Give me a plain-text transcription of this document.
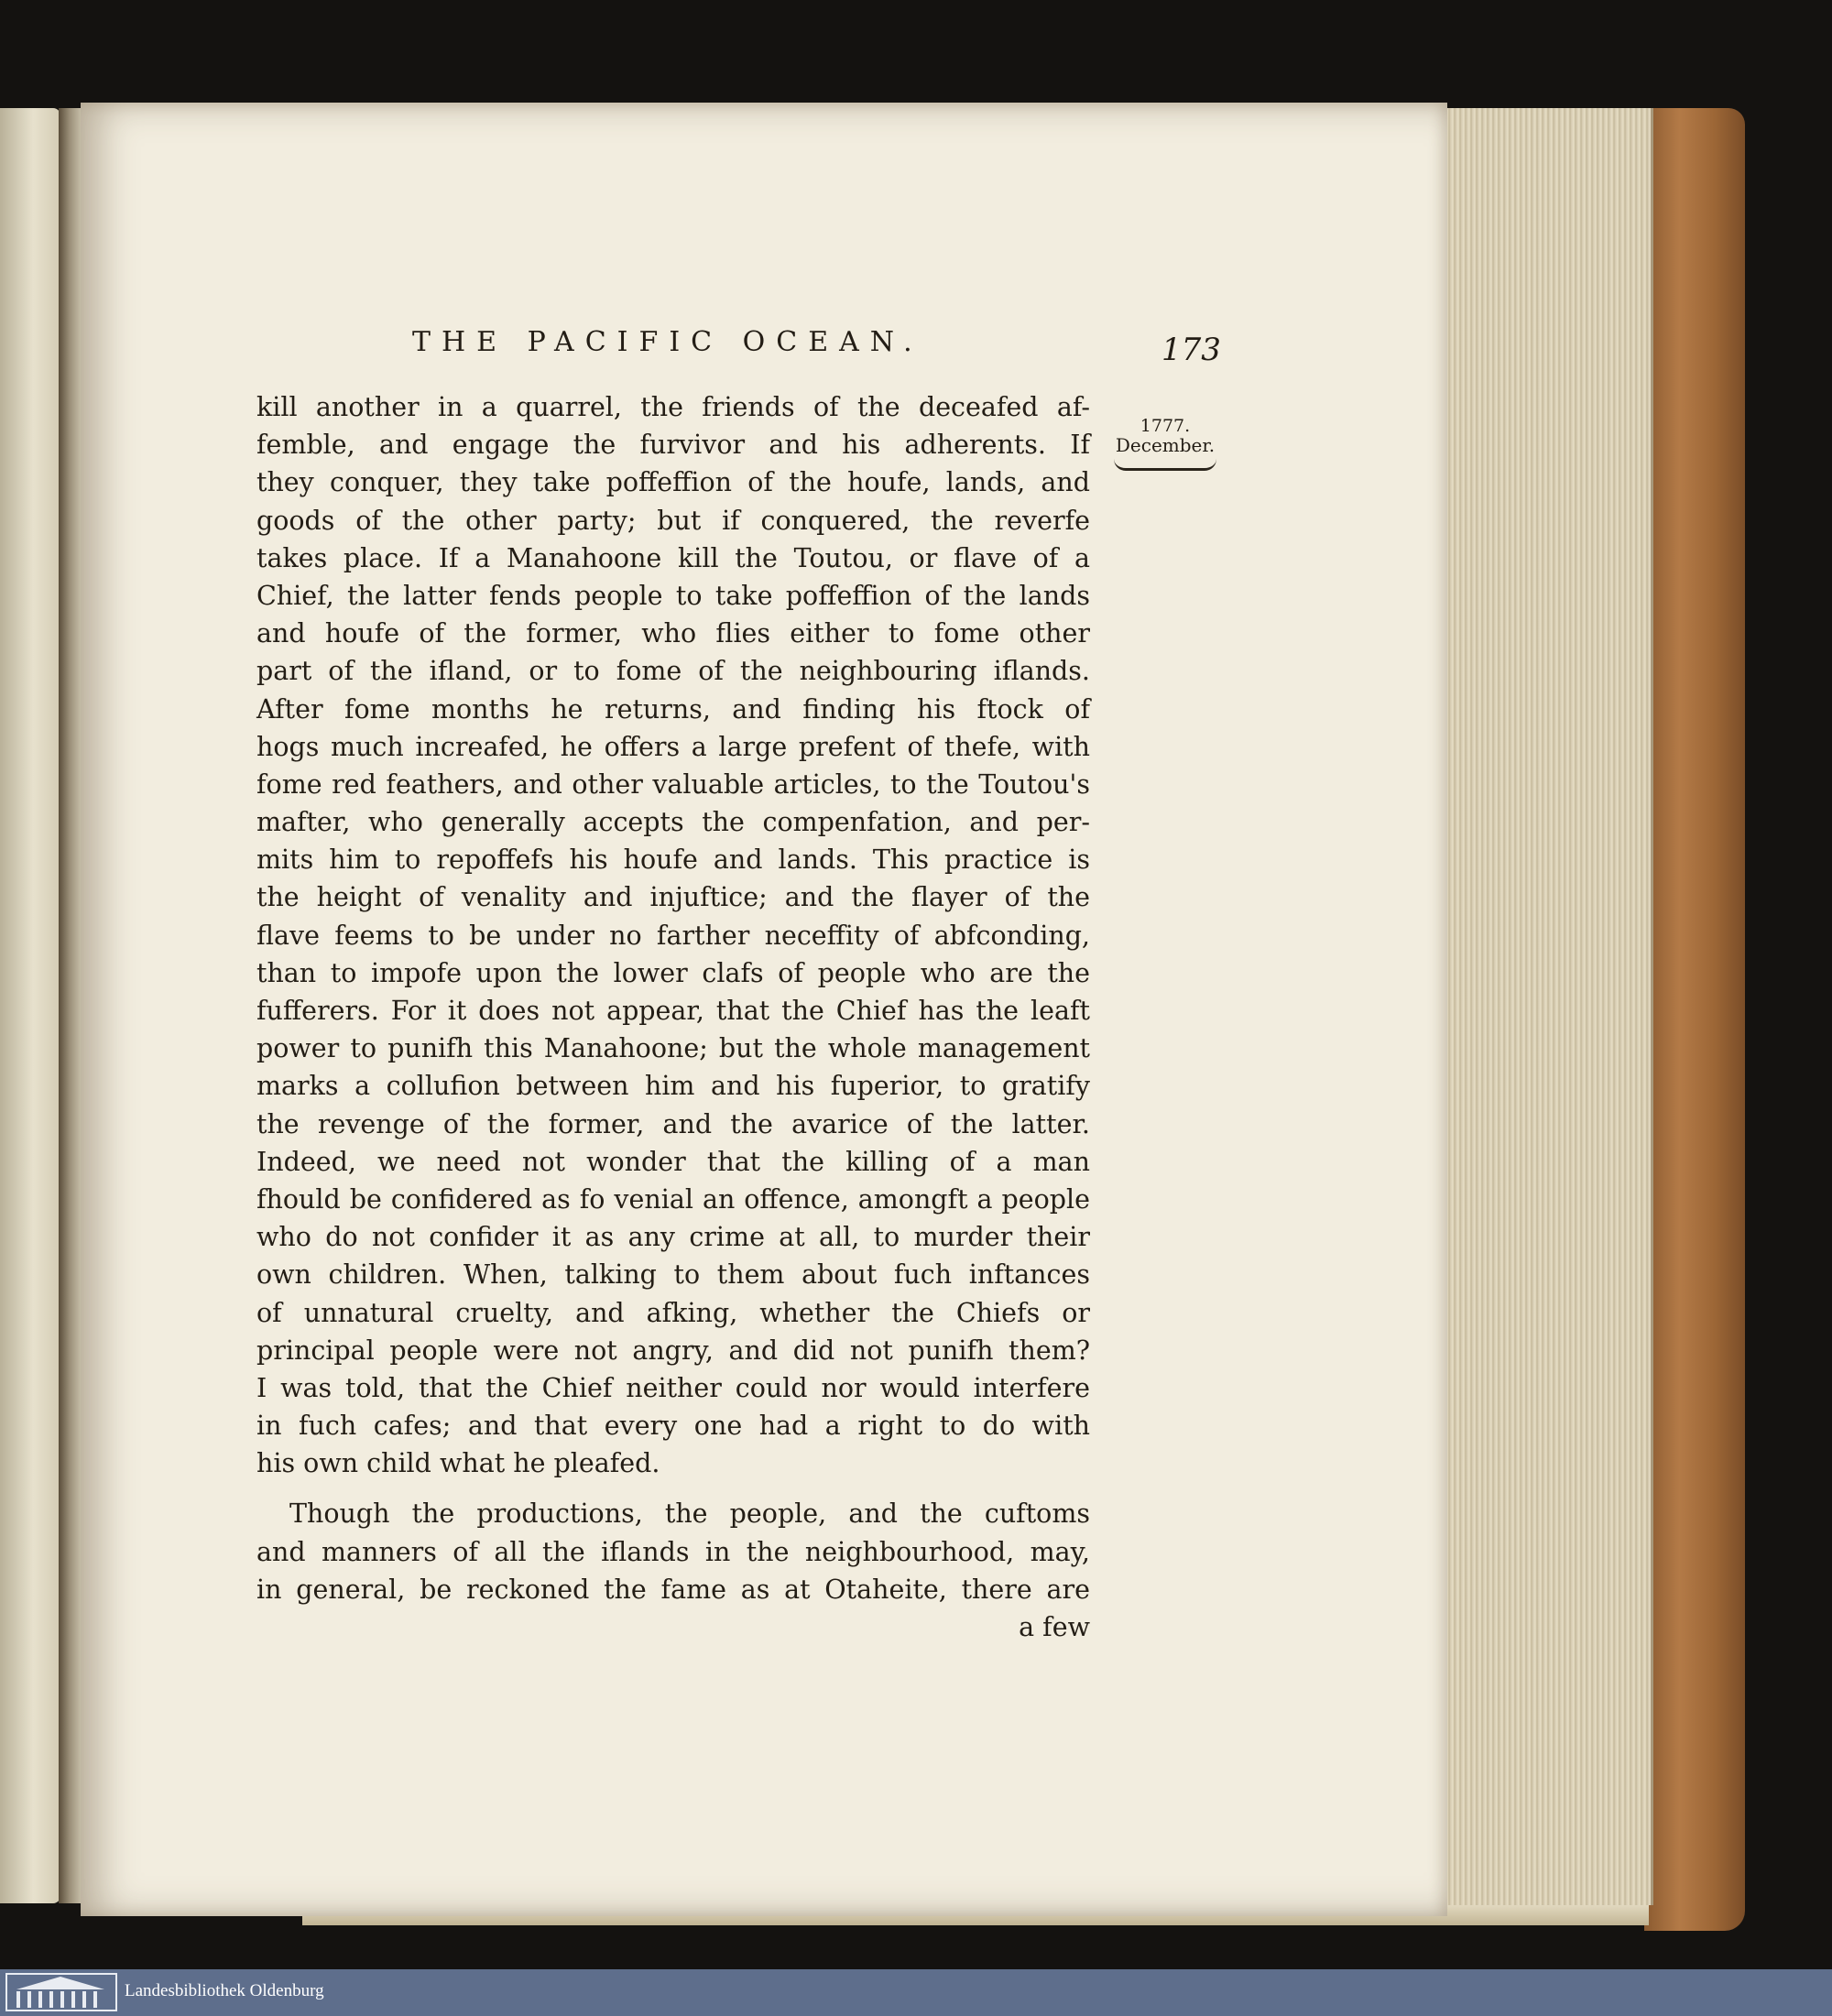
THE PACIFIC OCEAN.	173
1777.
December.

kill another in a quarrel, the friends of the deceafed af-

femble, and engage the furvivor and his adherents. If

they conquer, they take poffeffion of the houfe, lands, and

goods of the other party; but if conquered, the reverfe

takes place. If a Manahoone kill the Toutou, or flave of a

Chief, the latter fends people to take poffeffion of the lands

and houfe of the former, who flies either to fome other

part of the ifland, or to fome of the neighbouring iflands.

After fome months he returns, and finding his ftock of

hogs much increafed, he offers a large prefent of thefe, with

fome red feathers, and other valuable articles, to the Toutou's

mafter, who generally accepts the compenfation, and per-

mits him to repoffefs his houfe and lands. This practice is

the height of venality and injuftice; and the flayer of the

flave feems to be under no farther neceffity of abfconding,

than to impofe upon the lower clafs of people who are the

fufferers. For it does not appear, that the Chief has the leaft

power to punifh this Manahoone; but the whole management

marks a collufion between him and his fuperior, to gratify

the revenge of the former, and the avarice of the latter.

Indeed, we need not wonder that the killing of a man

fhould be confidered as fo venial an offence, amongft a people

who do not confider it as any crime at all, to murder their

own children. When, talking to them about fuch inftances

of unnatural cruelty, and afking, whether the Chiefs or

principal people were not angry, and did not punifh them?

I was told, that the Chief neither could nor would interfere

in fuch cafes; and that every one had a right to do with

his own child what he pleafed.

Though the productions, the people, and the cuftoms

and manners of all the iflands in the neighbourhood, may,

in general, be reckoned the fame as at Otaheite, there are

a few

Landesbibliothek Oldenburg
